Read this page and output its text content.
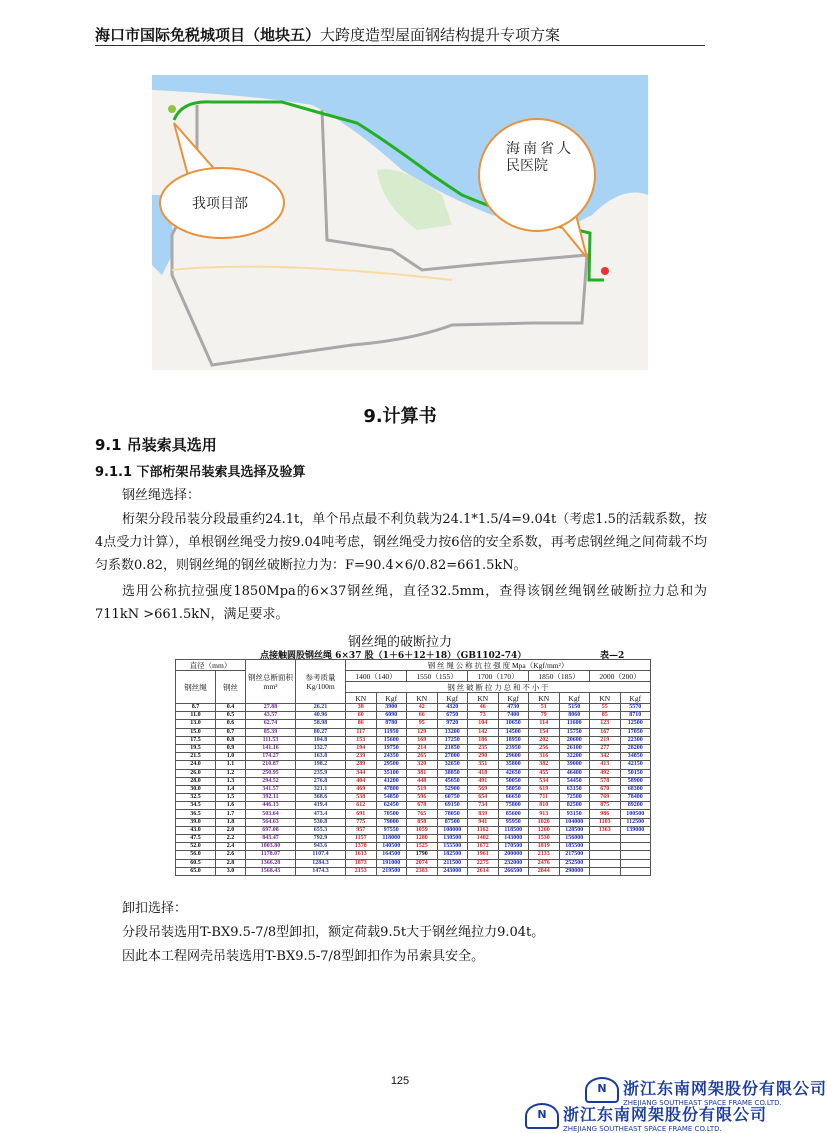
海口市国际免税城项目（地块五）大跨度造型屋面钢结构提升专项方案
我项目部
海南省人
民医院
9.计算书
9.1 吊装索具选用
9.1.1 下部桁架吊装索具选择及验算
钢丝绳选择：
桁架分段吊装分段最重约24.1t，单个吊点最不利负载为24.1*1.5/4=9.04t（考虑1.5的活载系数，按4点受力计算），单根钢丝绳受力按9.04吨考虑，钢丝绳受力按6倍的安全系数，再考虑钢丝绳之间荷载不均匀系数0.82，则钢丝绳的钢丝破断拉力为：F=90.4×6/0.82=661.5kN。
选用公称抗拉强度1850Mpa的6×37钢丝绳，直径32.5mm，查得该钢丝绳钢丝破断拉力总和为711kN >661.5kN，满足要求。
钢丝绳的破断拉力
点接触圆股钢丝绳 6×37 股（1＋6＋12＋18）（GB1102-74）	表—2
直径（mm）		钢丝总断面积 mm²	参考质量 Kg/100m	钢 丝 绳 公 称 抗 拉 强 度 Mpa（Kgf/mm²）									
钢丝绳	钢丝			1400（140）		1550（155）		1700（170）		1850（185）		2000（200）	
				钢 丝 破 断 拉 力 总 和 不 小 于									
				KN	Kgf	KN	Kgf	KN	Kgf	KN	Kgf	KN	Kgf
8.7	0.4	27.88	26.21	38	3900	42	4320	46	4730	51	5150	55	5570
11.0	0.5	43.57	40.96	60	6090	66	6750	73	7400	79	8060	85	8710
13.0	0.6	62.74	58.98	86	8780	95	9720	104	10650	114	11600	123	12500
15.0	0.7	85.39	80.27	117	11950	129	13200	142	14500	154	15750	167	17050
17.5	0.8	111.53	104.8	153	15600	169	17250	186	18950	202	20600	219	22300
19.5	0.9	141.16	132.7	194	19750	214	21850	235	23950	256	26100	277	28200
21.5	1.0	174.27	163.8	239	24350	265	27000	290	29600	316	32200	342	34850
24.0	1.1	210.87	198.2	289	29500	320	32650	351	35800	382	39000	413	42150
26.0	1.2	250.95	235.9	344	35100	381	38850	418	42650	455	46400	492	50150
28.0	1.3	294.52	276.8	404	41200	448	45650	491	50050	534	54450	578	58900
30.0	1.4	341.57	321.1	469	47800	519	52900	569	58050	619	63150	670	68300
32.5	1.5	392.11	368.6	538	54850	596	60750	654	66650	711	72500	769	78400
34.5	1.6	446.13	419.4	612	62450	678	69150	734	75800	810	82500	875	89200
36.5	1.7	503.64	473.4	691	70500	765	78050	839	85600	913	93150	986	100500
39.0	1.8	564.63	530.8	775	79000	858	87500	941	95950	1020	104000	1103	112500
43.0	2.0	697.08	655.3	957	97550	1059	108000	1162	118500	1260	128500	1363	139000
47.5	2.2	843.47	792.9	1157	118000	1280	130500	1402	143000	1530	156000		
52.0	2.4	1003.80	943.6	1378	140500	1525	155500	1672	170500	1819	185500		
56.0	2.6	1178.07	1107.4	1613	164500	1790	182500	1961	200000	2133	217500		
60.5	2.8	1366.28	1284.3	1873	191000	2074	211500	2275	232000	2476	252500		
65.0	3.0	1568.43	1474.3	2153	219500	2383	243000	2614	266500	2844	290000		
卸扣选择：
分段吊装选用T-BX9.5-7/8型卸扣，额定荷载9.5t大于钢丝绳拉力9.04t。
因此本工程网壳吊装选用T-BX9.5-7/8型卸扣作为吊索具安全。
125
N 浙江东南网架股份有限公司
ZHEJIANG SOUTHEAST SPACE FRAME CO.LTD.
N 浙江东南网架股份有限公司
ZHEJIANG SOUTHEAST SPACE FRAME CO.LTD.
